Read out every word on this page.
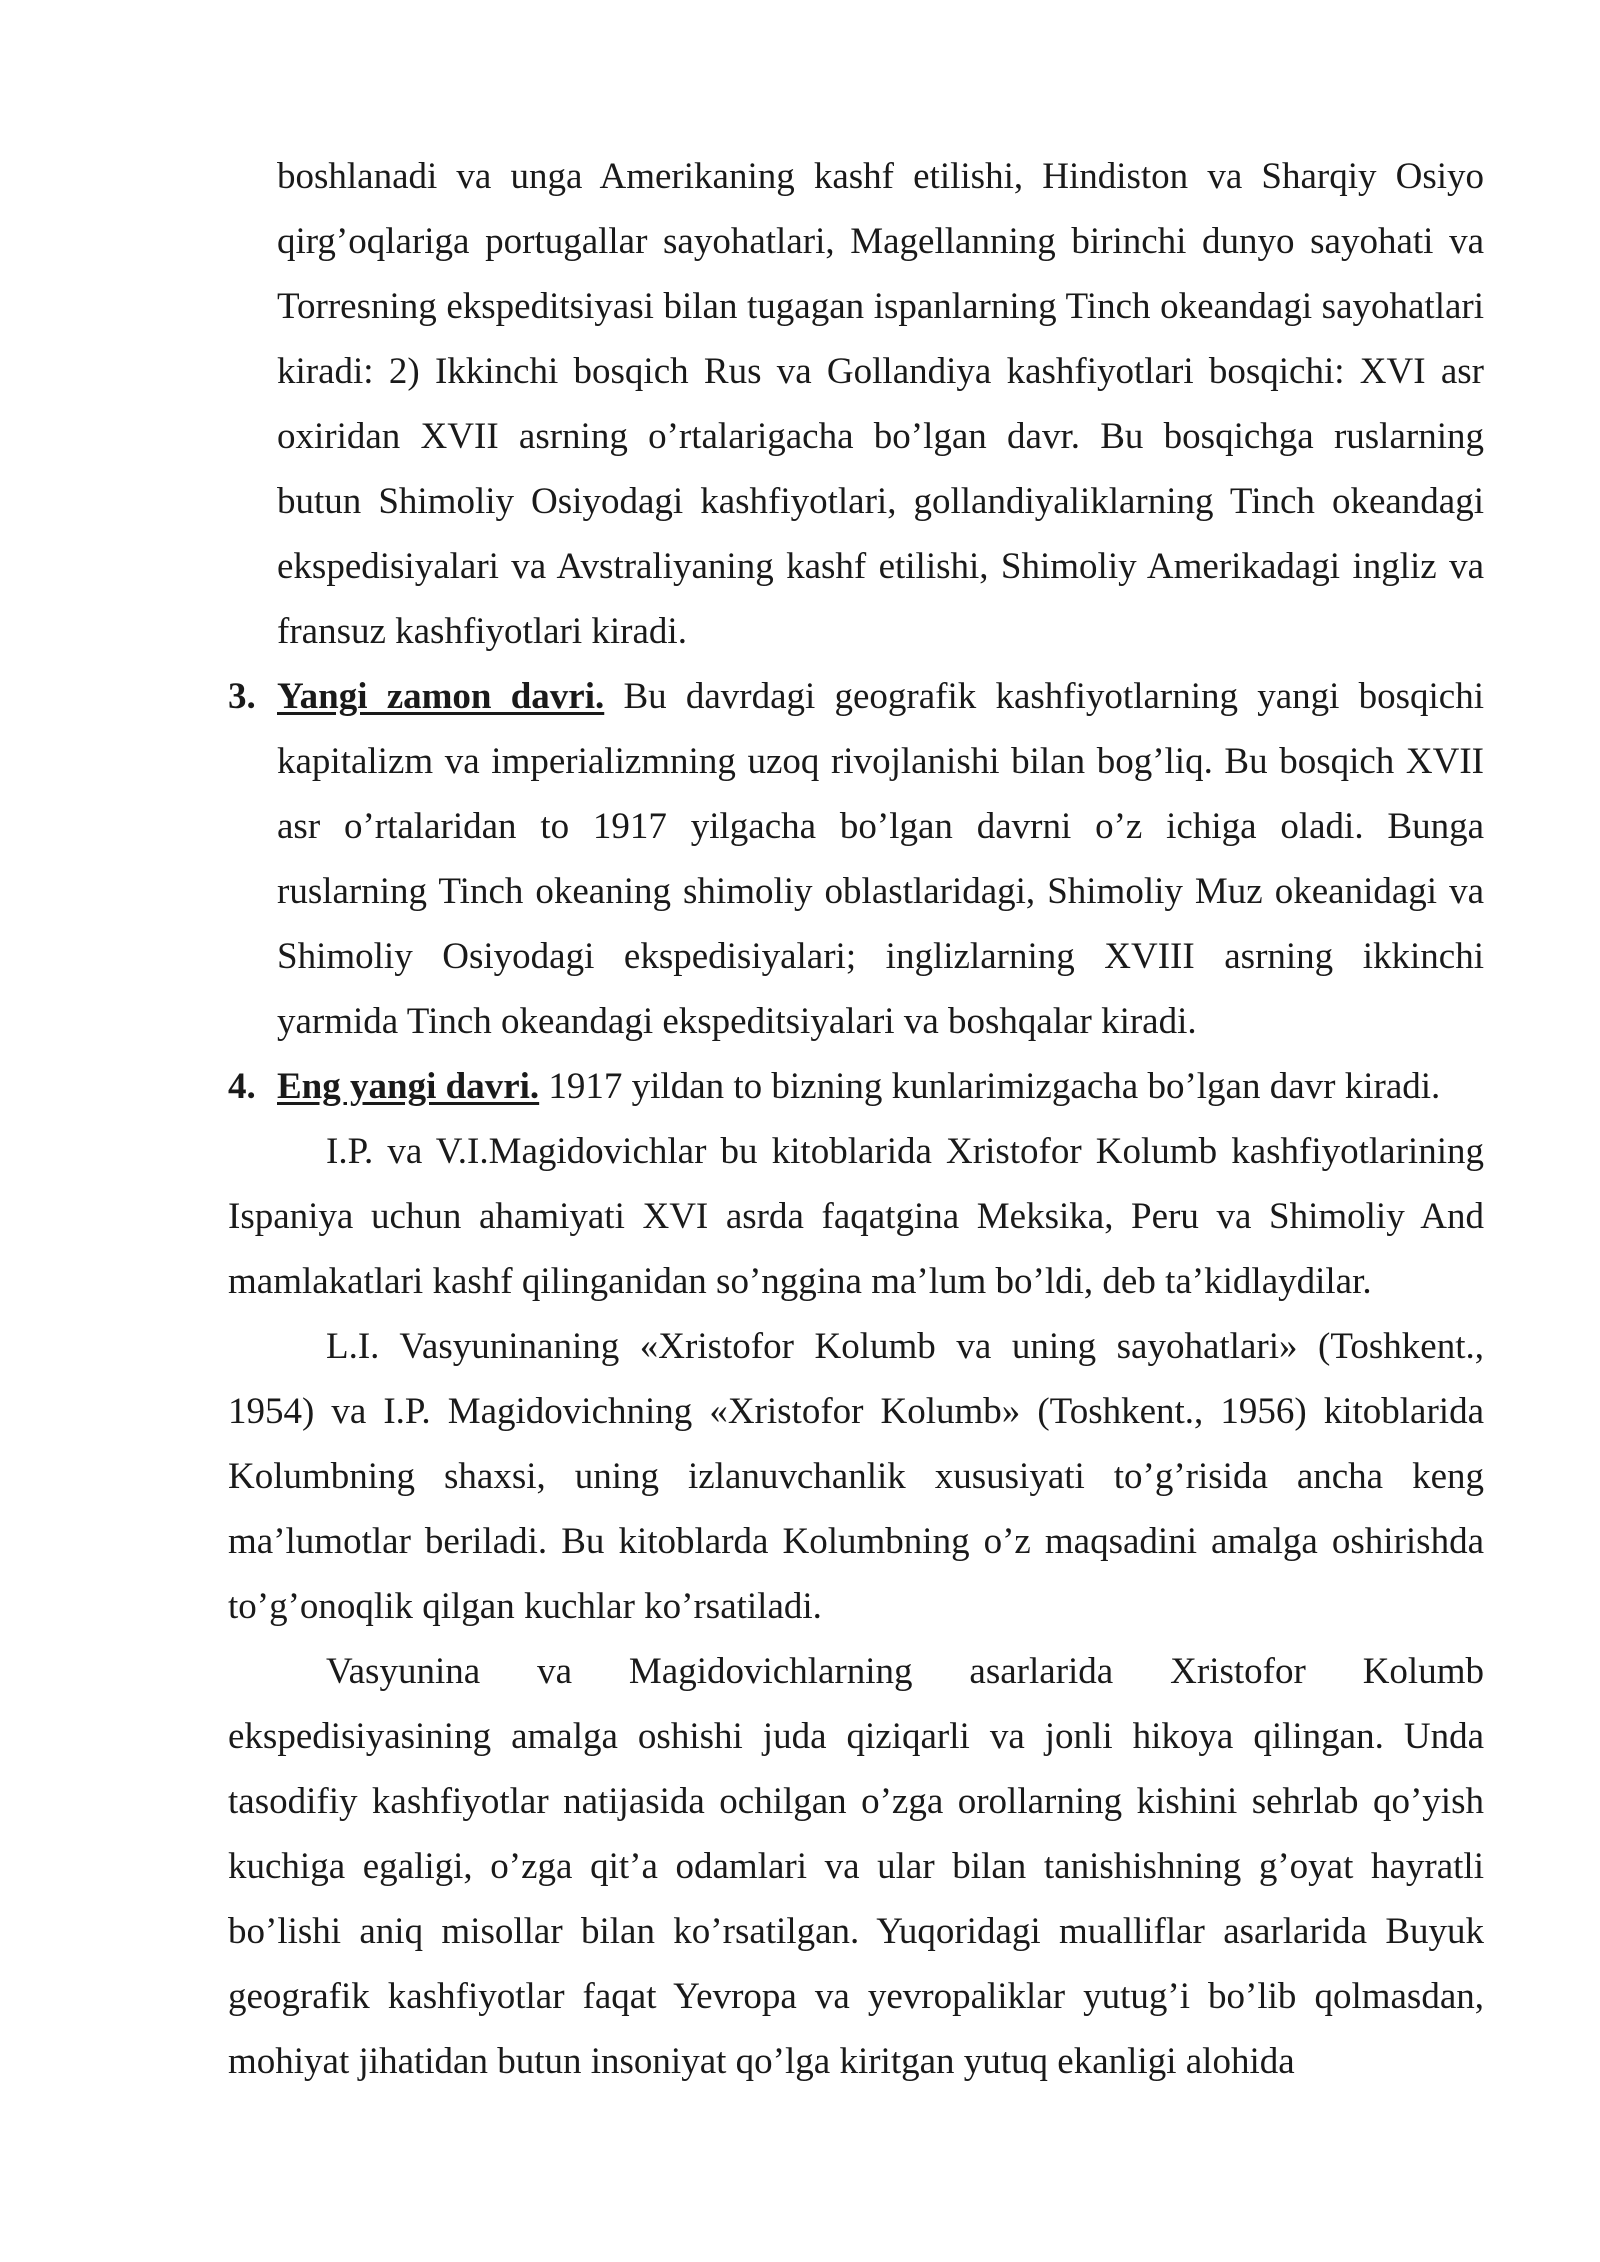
boshlanadi va unga Amerikaning kashf etilishi, Hindiston va Sharqiy Osiyo qirg’oqlariga portugallar sayohatlari, Magellanning birinchi dunyo sayohati va Torresning ekspeditsiyasi bilan tugagan ispanlarning Tinch okeandagi sayohatlari kiradi: 2) Ikkinchi bosqich Rus va Gollandiya kashfiyotlari bosqichi: XVI asr oxiridan XVII asrning o’rtalarigacha bo’lgan davr. Bu bosqichga ruslarning butun Shimoliy Osiyodagi kashfiyotlari, gollandiyaliklarning Tinch okeandagi ekspedisiyalari va Avstraliyaning kashf etilishi, Shimoliy Amerikadagi ingliz va fransuz kashfiyotlari kiradi.

3. Yangi zamon davri. Bu davrdagi geografik kashfiyotlarning yangi bosqichi kapitalizm va imperializmning uzoq rivojlanishi bilan bog’liq. Bu bosqich XVII asr o’rtalaridan to 1917 yilgacha bo’lgan davrni o’z ichiga oladi. Bunga ruslarning Tinch okeaning shimoliy oblastlaridagi, Shimoliy Muz okeanidagi va Shimoliy Osiyodagi ekspedisiyalari; inglizlarning XVIII asrning ikkinchi yarmida Tinch okeandagi ekspeditsiyalari va boshqalar kiradi.

4. Eng yangi davri. 1917 yildan to bizning kunlarimizgacha bo’lgan davr kiradi.

I.P. va V.I.Magidovichlar bu kitoblarida Xristofor Kolumb kashfiyotlarining Ispaniya uchun ahamiyati XVI asrda faqatgina Meksika, Peru va Shimoliy And mamlakatlari kashf qilinganidan so’nggina ma’lum bo’ldi, deb ta’kidlaydilar.

L.I. Vasyuninaning «Xristofor Kolumb va uning sayohatlari» (Toshkent., 1954) va I.P. Magidovichning «Xristofor Kolumb» (Toshkent., 1956) kitoblarida Kolumbning shaxsi, uning izlanuvchanlik xususiyati to’g’risida ancha keng ma’lumotlar beriladi. Bu kitoblarda Kolumbning o’z maqsadini amalga oshirishda to’g’onoqlik qilgan kuchlar ko’rsatiladi.

Vasyunina va Magidovichlarning asarlarida Xristofor Kolumb ekspedisiyasining amalga oshishi juda qiziqarli va jonli hikoya qilingan. Unda tasodifiy kashfiyotlar natijasida ochilgan o’zga orollarning kishini sehrlab qo’yish kuchiga egaligi, o’zga qit’a odamlari va ular bilan tanishishning g’oyat hayratli bo’lishi aniq misollar bilan ko’rsatilgan. Yuqoridagi mualliflar asarlarida Buyuk geografik kashfiyotlar faqat Yevropa va yevropaliklar yutug’i bo’lib qolmasdan, mohiyat jihatidan butun insoniyat qo’lga kiritgan yutuq ekanligi alohida
